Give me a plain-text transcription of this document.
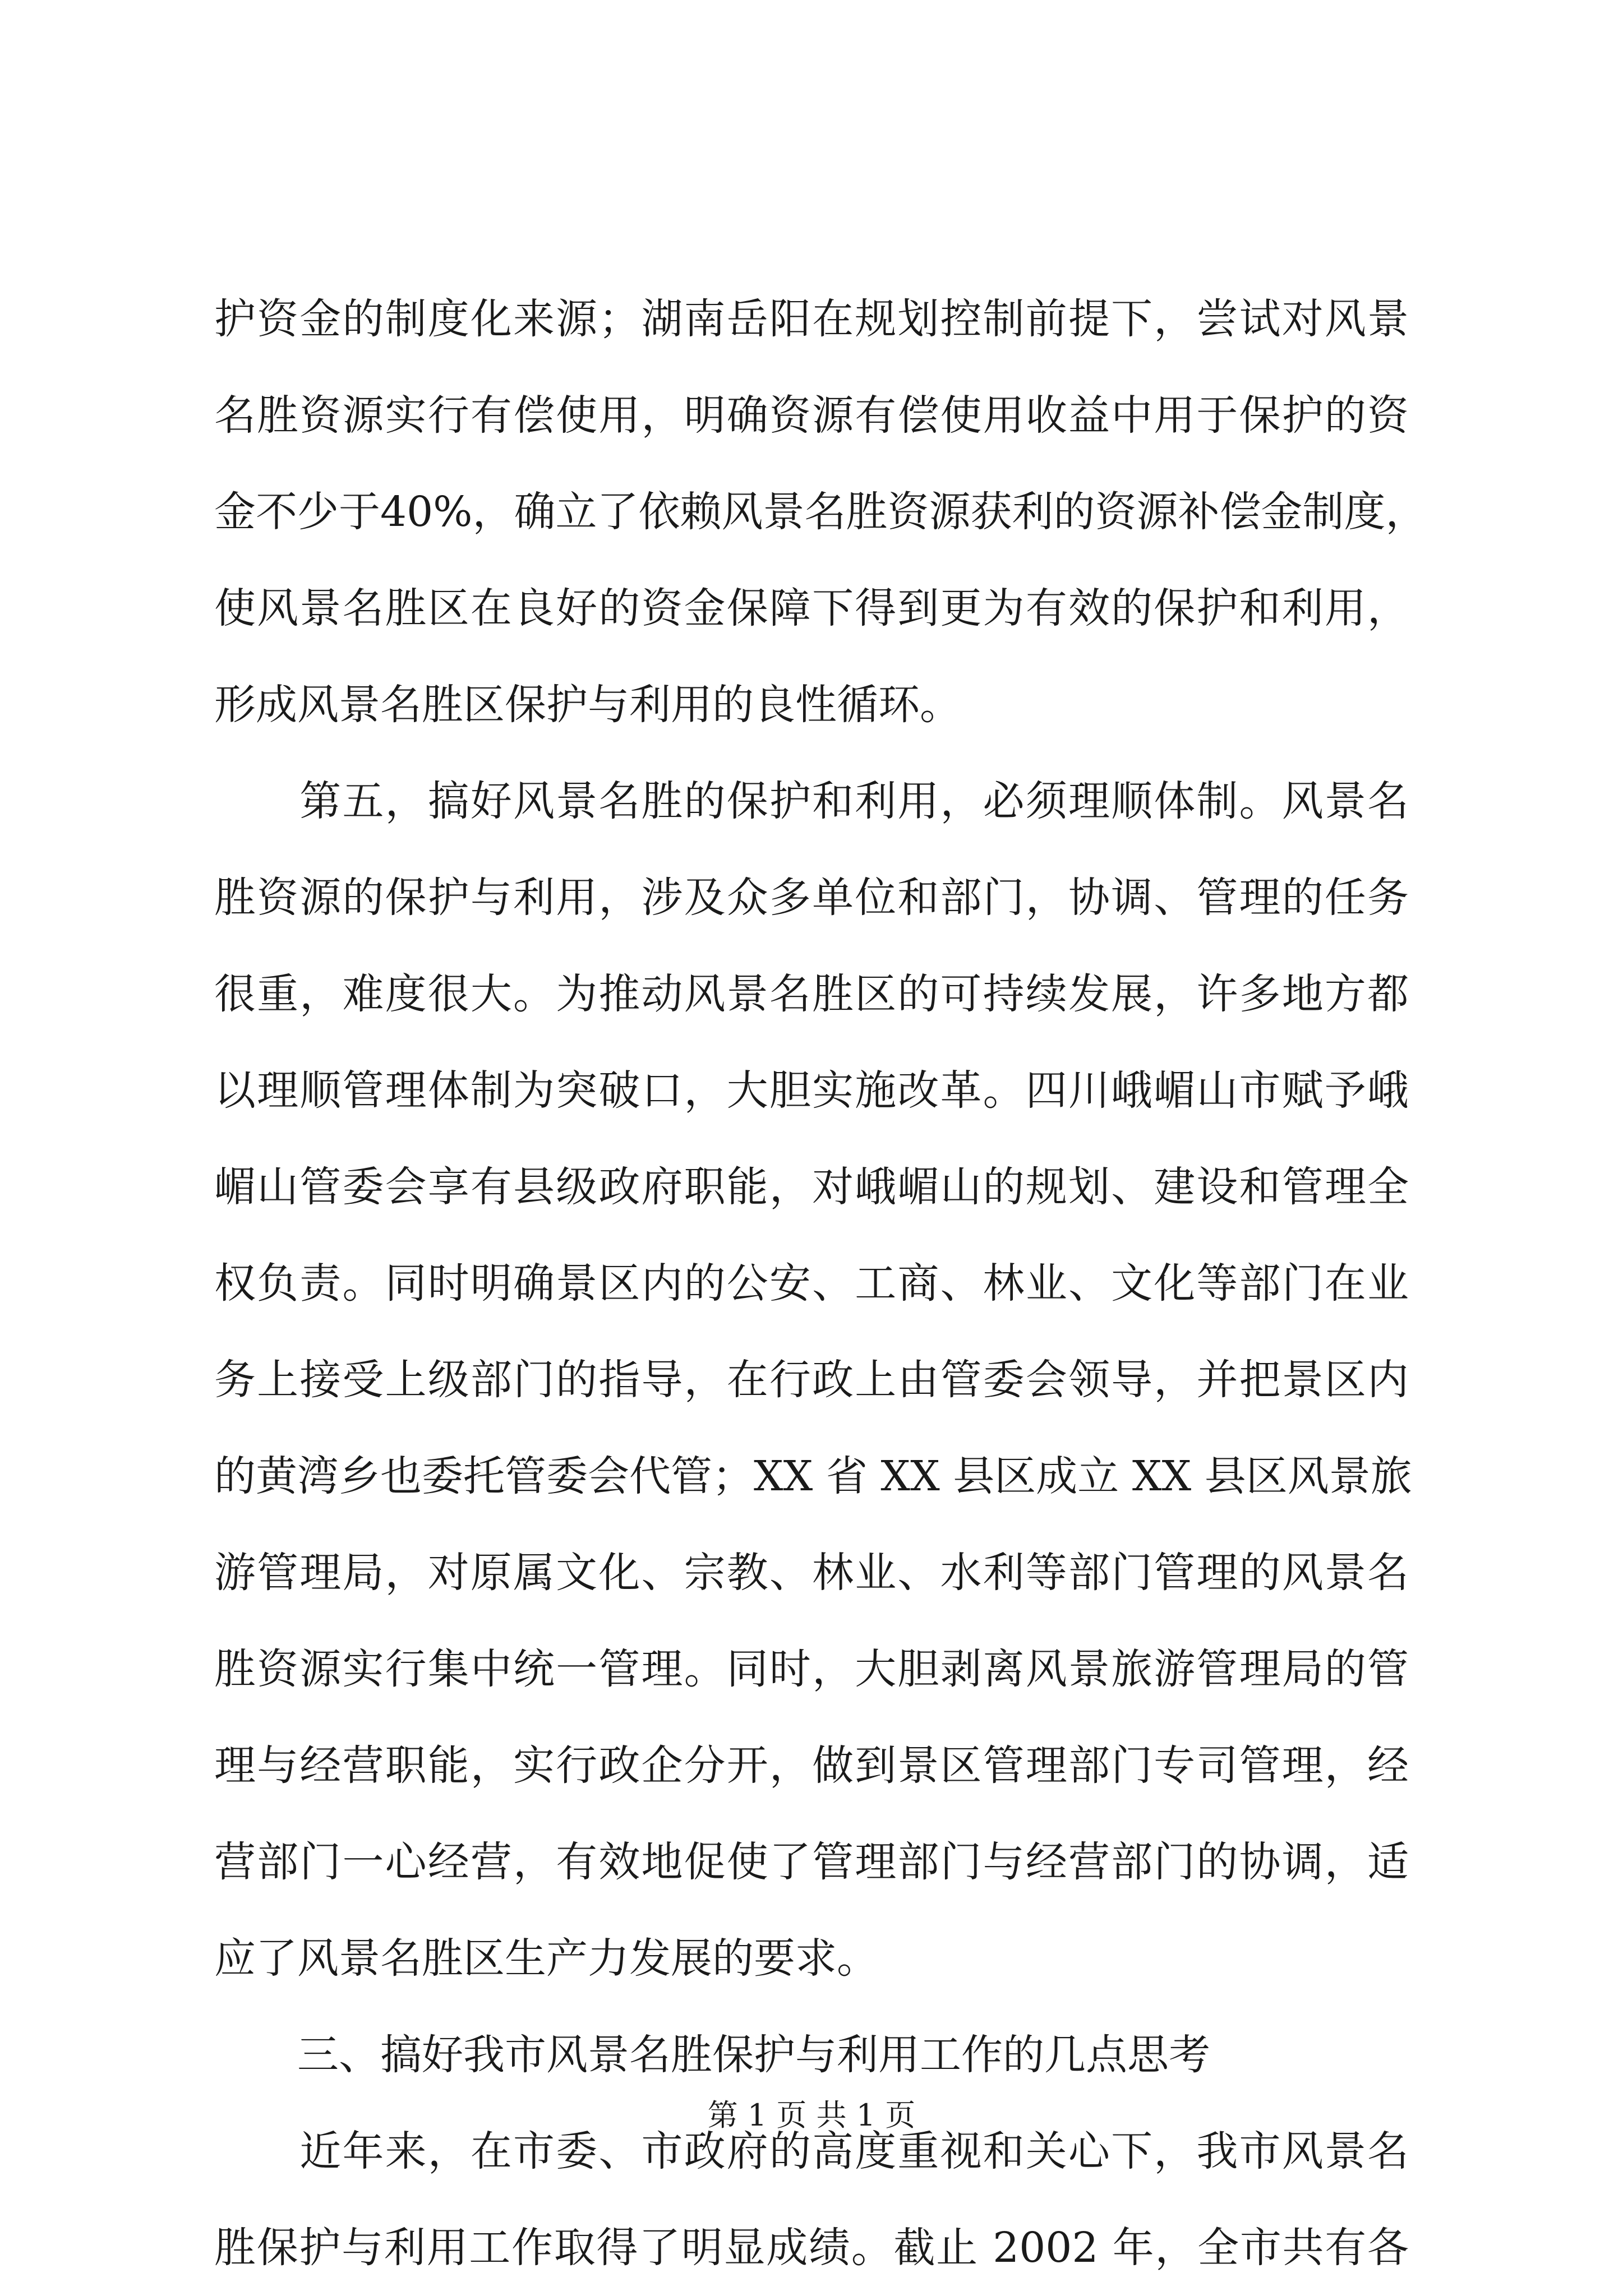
护资金的制度化来源；湖南岳阳在规划控制前提下，尝试对风景
名胜资源实行有偿使用，明确资源有偿使用收益中用于保护的资
金不少于40%，确立了依赖风景名胜资源获利的资源补偿金制度，
使风景名胜区在良好的资金保障下得到更为有效的保护和利用，
形成风景名胜区保护与利用的良性循环。
　　第五，搞好风景名胜的保护和利用，必须理顺体制。风景名
胜资源的保护与利用，涉及众多单位和部门，协调、管理的任务
很重，难度很大。为推动风景名胜区的可持续发展，许多地方都
以理顺管理体制为突破口，大胆实施改革。四川峨嵋山市赋予峨
嵋山管委会享有县级政府职能，对峨嵋山的规划、建设和管理全
权负责。同时明确景区内的公安、工商、林业、文化等部门在业
务上接受上级部门的指导，在行政上由管委会领导，并把景区内
的黄湾乡也委托管委会代管；XX 省 XX 县区成立 XX 县区风景旅
游管理局，对原属文化、宗教、林业、水利等部门管理的风景名
胜资源实行集中统一管理。同时，大胆剥离风景旅游管理局的管
理与经营职能，实行政企分开，做到景区管理部门专司管理，经
营部门一心经营，有效地促使了管理部门与经营部门的协调，适
应了风景名胜区生产力发展的要求。
　　三、搞好我市风景名胜保护与利用工作的几点思考
　　近年来，在市委、市政府的高度重视和关心下，我市风景名
胜保护与利用工作取得了明显成绩。截止 2002 年，全市共有各
第 1 页 共 1 页
